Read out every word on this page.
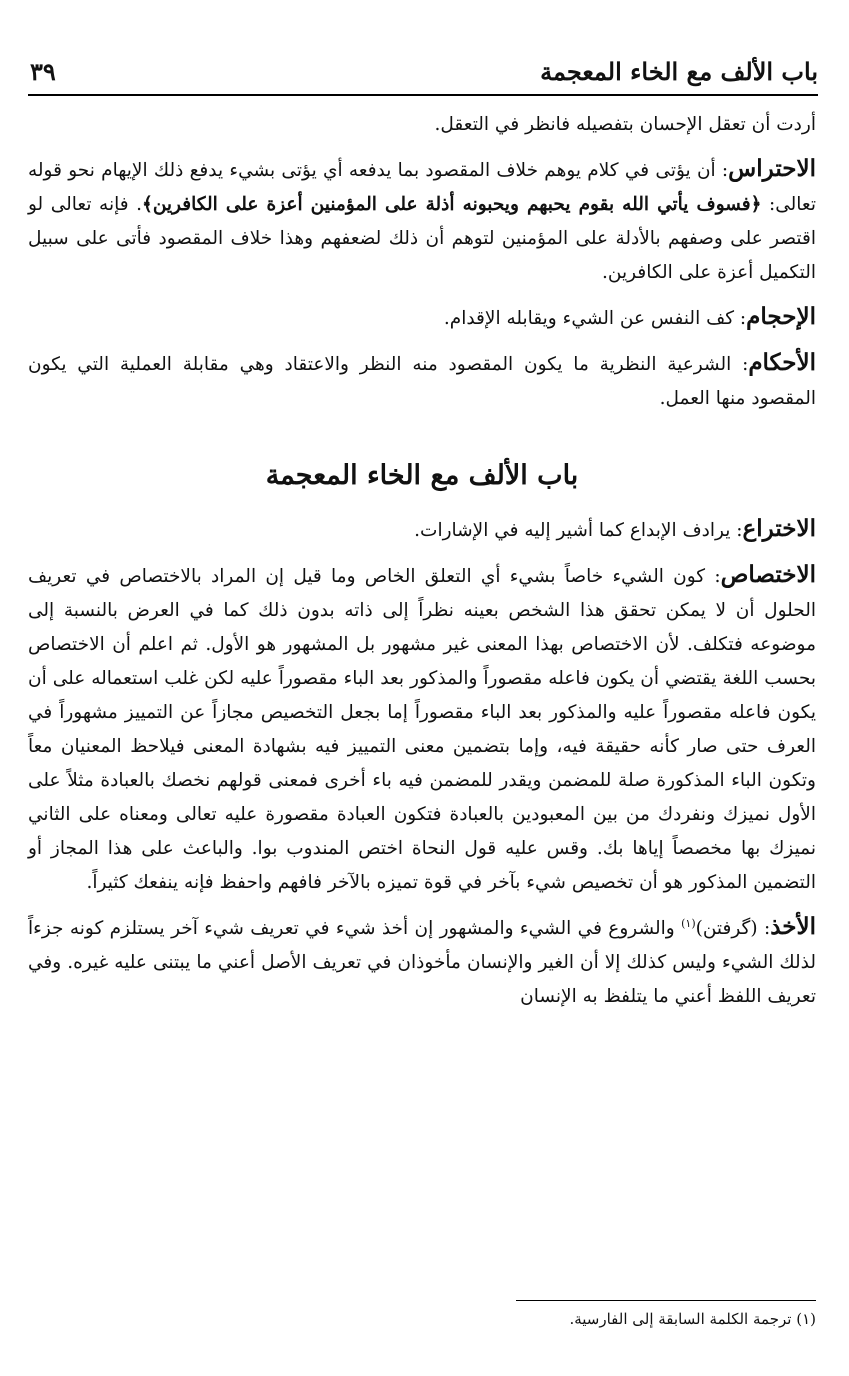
باب الألف مع الخاء المعجمة
٣٩

أردت أن تعقل الإحسان بتفصيله فانظر في التعقل.

الاحتراس: أن يؤتى في كلام يوهم خلاف المقصود بما يدفعه أي يؤتى بشيء يدفع ذلك الإيهام نحو قوله تعالى: ﴿فسوف يأتي الله بقوم يحبهم ويحبونه أذلة على المؤمنين أعزة على الكافرين﴾. فإنه تعالى لو اقتصر على وصفهم بالأدلة على المؤمنين لتوهم أن ذلك لضعفهم وهذا خلاف المقصود فأتى على سبيل التكميل أعزة على الكافرين.

الإحجام: كف النفس عن الشيء ويقابله الإقدام.

الأحكام: الشرعية النظرية ما يكون المقصود منه النظر والاعتقاد وهي مقابلة العملية التي يكون المقصود منها العمل.

باب الألف مع الخاء المعجمة

الاختراع: يرادف الإبداع كما أشير إليه في الإشارات.

الاختصاص: كون الشيء خاصاً بشيء أي التعلق الخاص وما قيل إن المراد بالاختصاص في تعريف الحلول أن لا يمكن تحقق هذا الشخص بعينه نظراً إلى ذاته بدون ذلك كما في العرض بالنسبة إلى موضوعه فتكلف. لأن الاختصاص بهذا المعنى غير مشهور بل المشهور هو الأول. ثم اعلم أن الاختصاص بحسب اللغة يقتضي أن يكون فاعله مقصوراً والمذكور بعد الباء مقصوراً عليه لكن غلب استعماله على أن يكون فاعله مقصوراً عليه والمذكور بعد الباء مقصوراً إما بجعل التخصيص مجازاً عن التمييز مشهوراً في العرف حتى صار كأنه حقيقة فيه، وإما بتضمين معنى التمييز فيه بشهادة المعنى فيلاحظ المعنيان معاً وتكون الباء المذكورة صلة للمضمن ويقدر للمضمن فيه باء أخرى فمعنى قولهم نخصك بالعبادة مثلاً على الأول نميزك ونفردك من بين المعبودين بالعبادة فتكون العبادة مقصورة عليه تعالى ومعناه على الثاني نميزك بها مخصصاً إياها بك. وقس عليه قول النحاة اختص المندوب بوا. والباعث على هذا المجاز أو التضمين المذكور هو أن تخصيص شيء بآخر في قوة تميزه بالآخر فافهم واحفظ فإنه ينفعك كثيراً.

الأخذ: (گرفتن)$^{(١)}$ والشروع في الشيء والمشهور إن أخذ شيء في تعريف شيء آخر يستلزم كونه جزءاً لذلك الشيء وليس كذلك إلا أن الغير والإنسان مأخوذان في تعريف الأصل أعني ما يبتنى عليه غيره. وفي تعريف اللفظ أعني ما يتلفظ به الإنسان

(١) ترجمة الكلمة السابقة إلى الفارسية.
